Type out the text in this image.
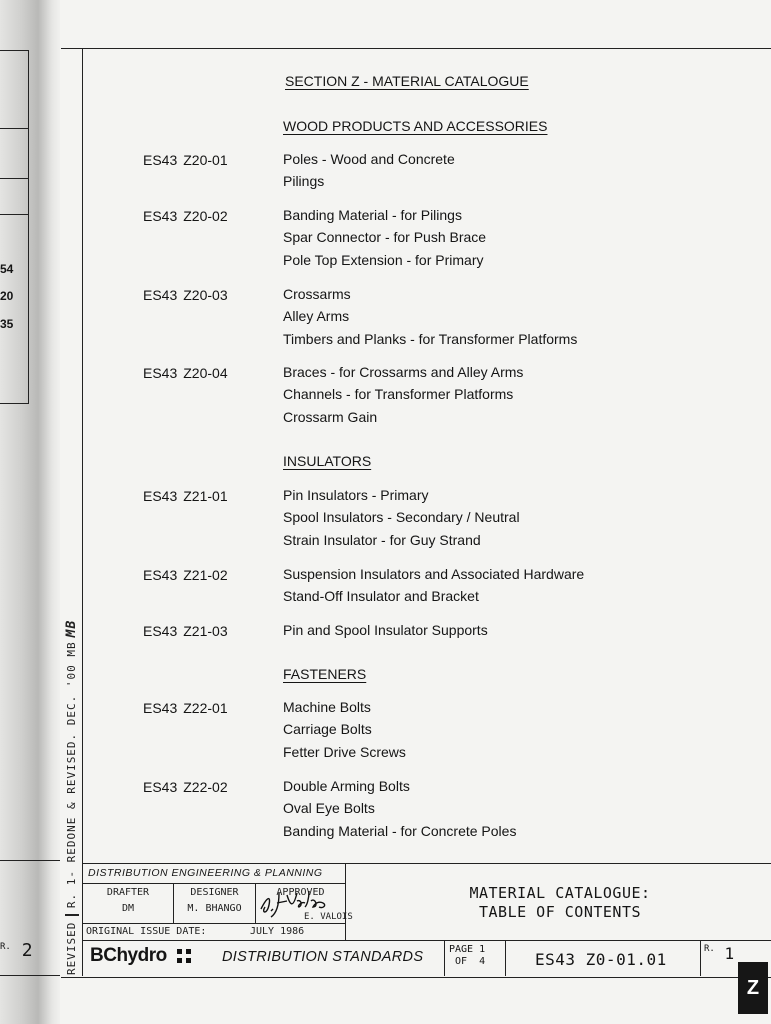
54
20
35
$^{R.}$ 2	REVISED
R. 1- REDONE & REVISED. DEC. '00 MB
MB
SECTION Z - MATERIAL CATALOGUE
WOOD PRODUCTS AND ACCESSORIES
ES43 Z20-01	Poles - Wood and Concrete
Pilings
ES43 Z20-02	Banding Material - for Pilings
Spar Connector - for Push Brace
Pole Top Extension - for Primary
ES43 Z20-03	Crossarms
Alley Arms
Timbers and Planks - for Transformer Platforms
ES43 Z20-04	Braces - for Crossarms and Alley Arms
Channels - for Transformer Platforms
Crossarm Gain
INSULATORS
ES43 Z21-01	Pin Insulators - Primary
Spool Insulators - Secondary / Neutral
Strain Insulator - for Guy Strand
ES43 Z21-02	Suspension Insulators and Associated Hardware
Stand-Off Insulator and Bracket
ES43 Z21-03	Pin and Spool Insulator Supports
FASTENERS
ES43 Z22-01	Machine Bolts
Carriage Bolts
Fetter Drive Screws
ES43 Z22-02	Double Arming Bolts
Oval Eye Bolts
Banding Material - for Concrete Poles
DISTRIBUTION ENGINEERING & PLANNING
DRAFTER
DM
DESIGNER
M. BHANGO
APPROVED
E. VALOIS
ORIGINAL ISSUE DATE:	JULY 1986
MATERIAL CATALOGUE:
TABLE OF CONTENTS
BChydro	DISTRIBUTION STANDARDS	PAGE 1
OF 4	ES43 Z0-01.01
$^{R.}$ 1
Z
